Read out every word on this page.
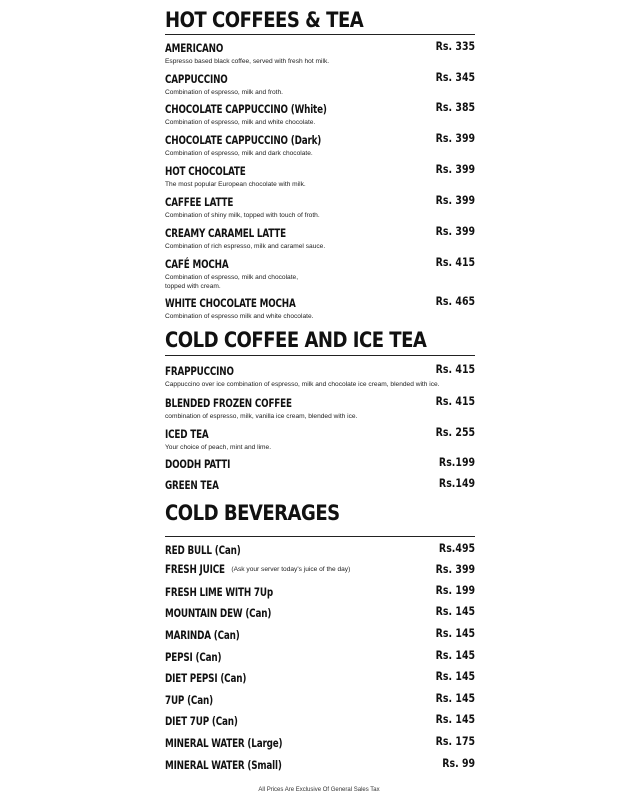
HOT COFFEES & TEA
AMERICANO
Espresso based black coffee, served with fresh hot milk.
Rs. 335
CAPPUCCINO
Combination of espresso, milk and froth.
Rs. 345
CHOCOLATE CAPPUCCINO (White)
Combination of espresso, milk and white chocolate.
Rs. 385
CHOCOLATE CAPPUCCINO (Dark)
Combination of espresso, milk and dark chocolate.
Rs. 399
HOT CHOCOLATE
The most popular European chocolate with milk.
Rs. 399
CAFFEE LATTE
Combination of shiny milk, topped with touch of froth.
Rs. 399
CREAMY CARAMEL LATTE
Combination of rich espresso, milk and caramel sauce.
Rs. 399
CAFÉ MOCHA
Combination of espresso, milk and chocolate,
topped with cream.
Rs. 415
WHITE CHOCOLATE MOCHA
Combination of espresso milk and white chocolate.
Rs. 465
COLD COFFEE AND ICE TEA
FRAPPUCCINO
Cappuccino over ice combination of espresso, milk and chocolate ice cream, blended with ice.
Rs. 415
BLENDED FROZEN COFFEE
combination of espresso, milk, vanilla ice cream, blended with ice.
Rs. 415
ICED TEA
Your choice of peach, mint and lime.
Rs. 255
DOODH PATTI	Rs.199
GREEN TEA	Rs.149
COLD BEVERAGES
RED BULL (Can)	Rs.495
FRESH JUICE (Ask your server today's juice of the day)	Rs. 399
FRESH LIME WITH 7Up	Rs. 199
MOUNTAIN DEW (Can)	Rs. 145
MARINDA (Can)	Rs. 145
PEPSI (Can)	Rs. 145
DIET PEPSI (Can)	Rs. 145
7UP (Can)	Rs. 145
DIET 7UP (Can)	Rs. 145
MINERAL WATER (Large)	Rs. 175
MINERAL WATER (Small)	Rs. 99
All Prices Are Exclusive Of General Sales Tax
